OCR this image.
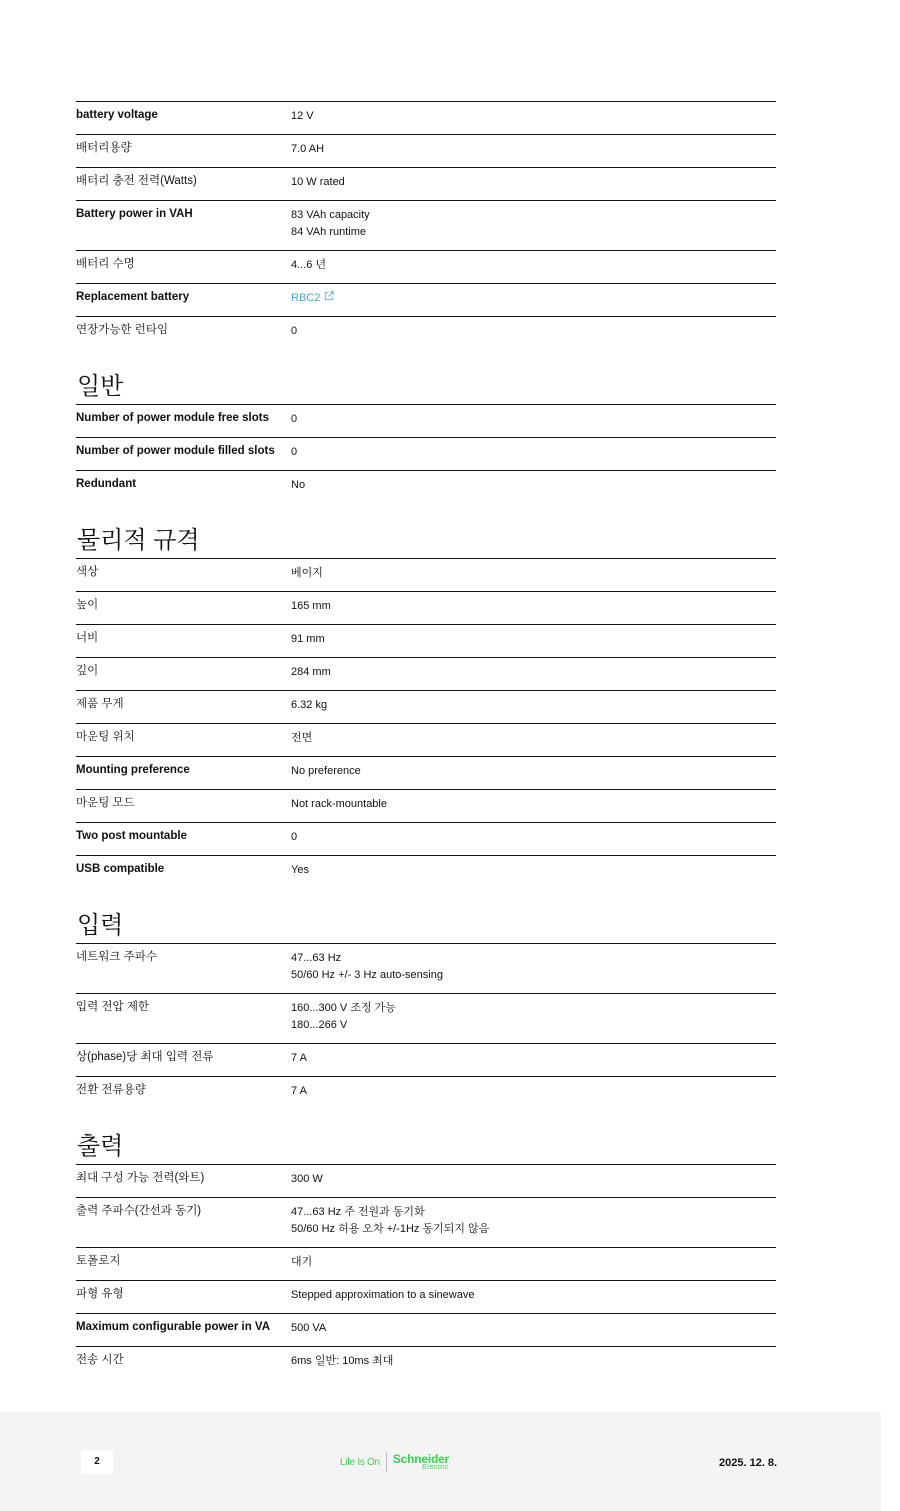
battery voltage	12 V
배터리용량	7.0 AH
배터리 충전 전력(Watts)	10 W rated
Battery power in VAH	83 VAh capacity
84 VAh runtime
배터리 수명	4...6 년
Replacement battery	RBC2
연장가능한 런타임	0
일반
Number of power module free slots	0
Number of power module filled slots	0
Redundant	No
물리적 규격
색상	베이지
높이	165 mm
너비	91 mm
깊이	284 mm
제품 무게	6.32 kg
마운팅 위치	전면
Mounting preference	No preference
마운팅 모드	Not rack-mountable
Two post mountable	0
USB compatible	Yes
입력
네트워크 주파수	47...63 Hz
50/60 Hz +/- 3 Hz auto-sensing
입력 전압 제한	160...300 V 조정 가능
180...266 V
상(phase)당 최대 입력 전류	7 A
전환 전류용량	7 A
출력
최대 구성 가능 전력(와트)	300 W
출력 주파수(간선과 동기)	47...63 Hz 주 전원과 동기화
50/60 Hz 허용 오차 +/-1Hz 동기되지 않음
토폴로지	대기
파형 유형	Stepped approximation to a sinewave
Maximum configurable power in VA	500 VA
전송 시간	6ms 일반: 10ms 최대
2	Life Is On Schneider
Electric	2025. 12. 8.
